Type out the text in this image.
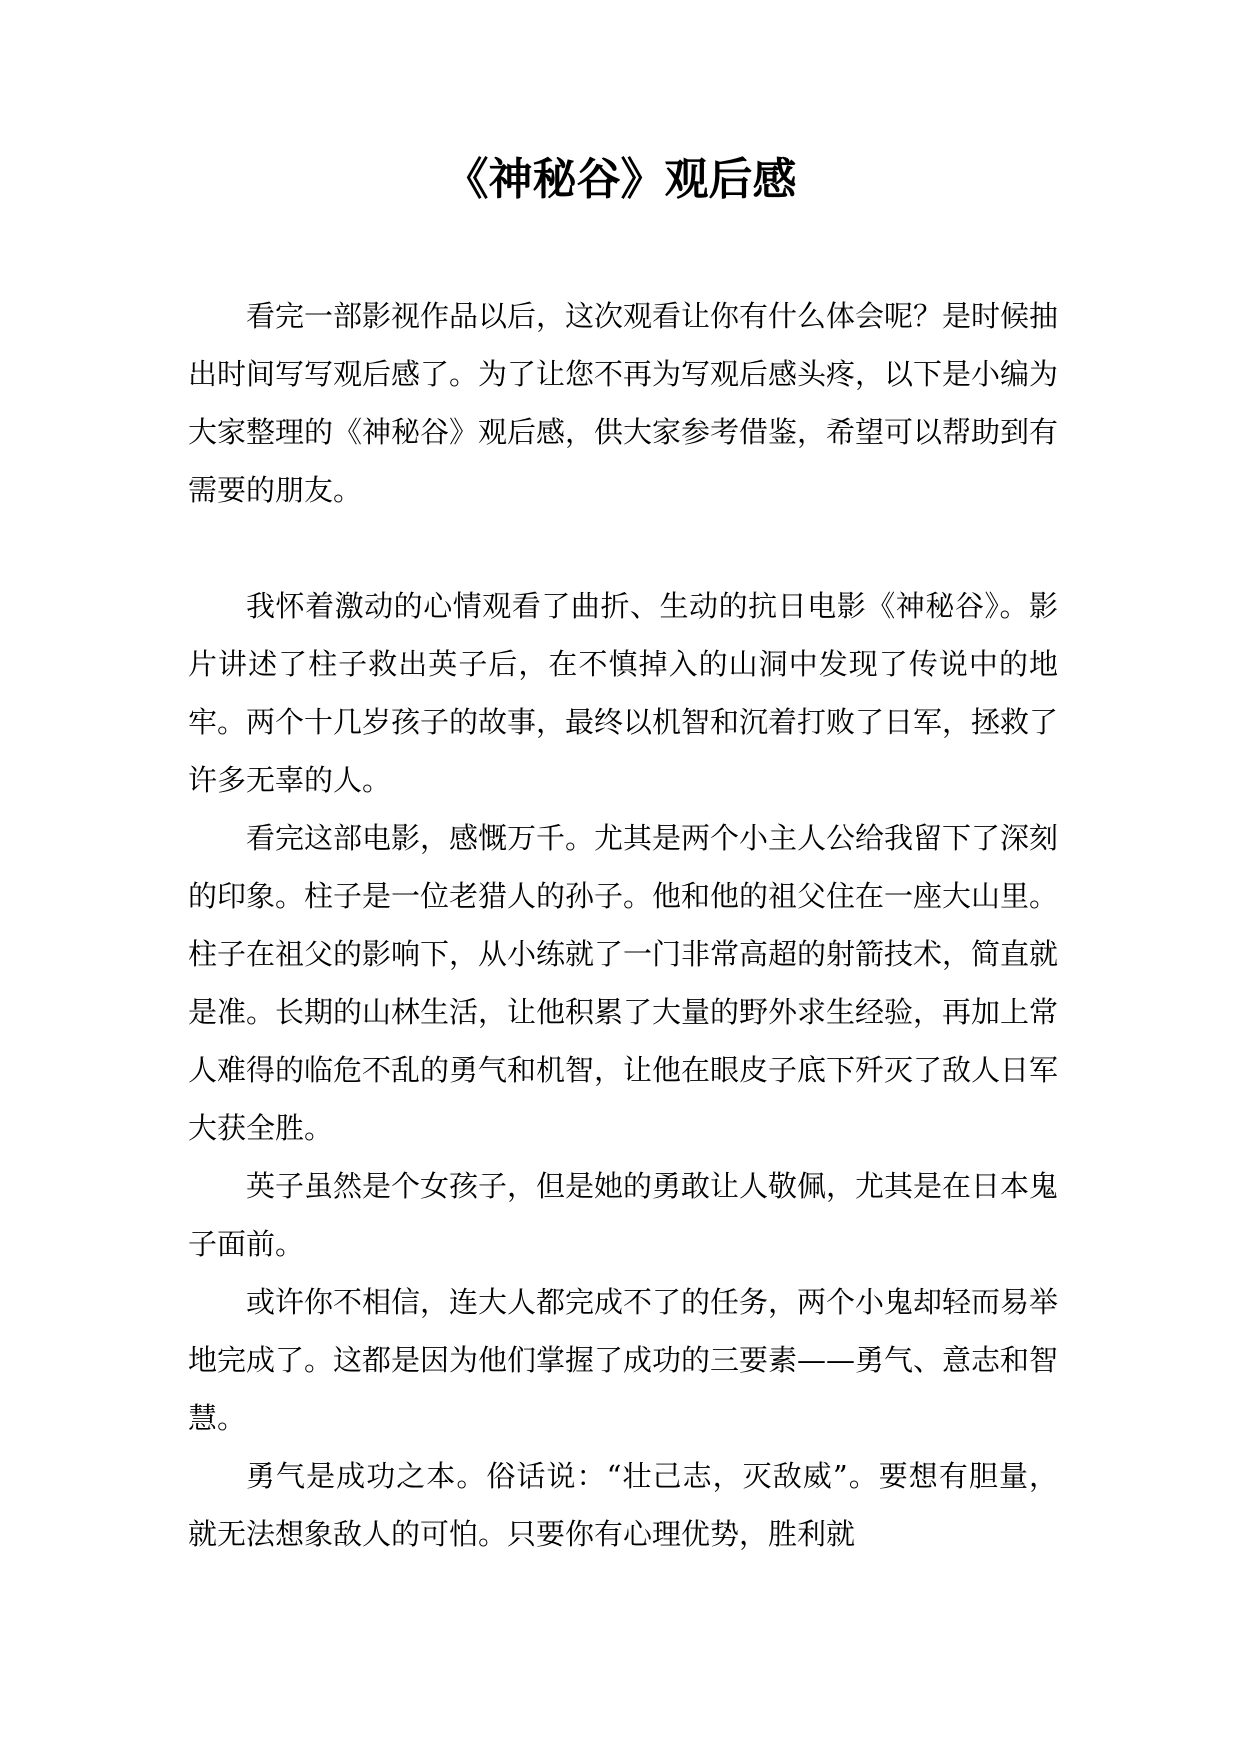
《神秘谷》观后感

看完一部影视作品以后，这次观看让你有什么体会呢？是时候抽出时间写写观后感了。为了让您不再为写观后感头疼，以下是小编为大家整理的《神秘谷》观后感，供大家参考借鉴，希望可以帮助到有需要的朋友。

我怀着激动的心情观看了曲折、生动的抗日电影《神秘谷》。影片讲述了柱子救出英子后，在不慎掉入的山洞中发现了传说中的地牢。两个十几岁孩子的故事，最终以机智和沉着打败了日军，拯救了许多无辜的人。

看完这部电影，感慨万千。尤其是两个小主人公给我留下了深刻的印象。柱子是一位老猎人的孙子。他和他的祖父住在一座大山里。柱子在祖父的影响下，从小练就了一门非常高超的射箭技术，简直就是准。长期的山林生活，让他积累了大量的野外求生经验，再加上常人难得的临危不乱的勇气和机智，让他在眼皮子底下歼灭了敌人日军大获全胜。

英子虽然是个女孩子，但是她的勇敢让人敬佩，尤其是在日本鬼子面前。

或许你不相信，连大人都完成不了的任务，两个小鬼却轻而易举地完成了。这都是因为他们掌握了成功的三要素——勇气、意志和智慧。

勇气是成功之本。俗话说：“壮己志，灭敌威”。要想有胆量，就无法想象敌人的可怕。只要你有心理优势，胜利就
